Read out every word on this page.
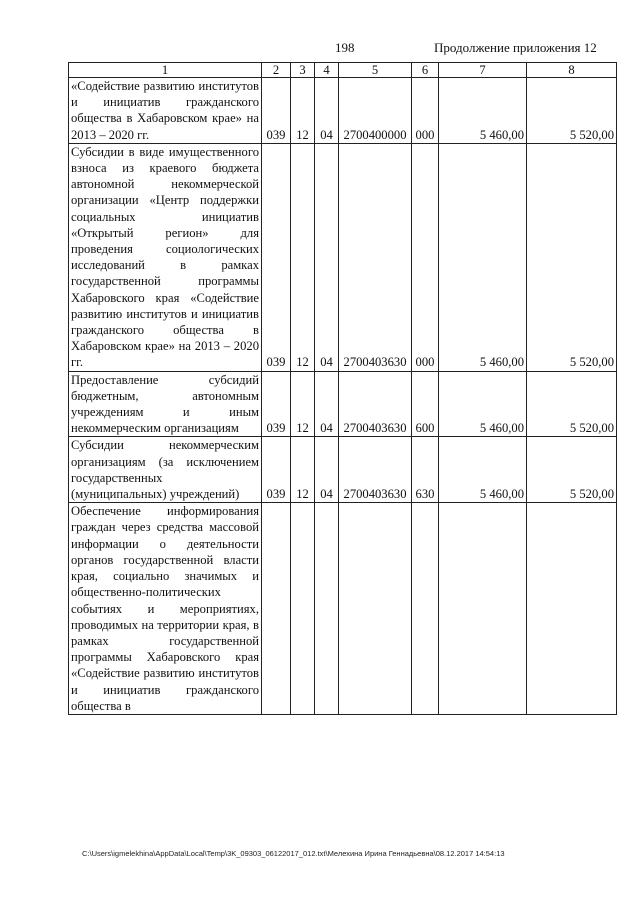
198	Продолжение приложения 12
1	2	3	4	5	6	7	8
«Содействие развитию институтов и инициатив гражданского общества в Хабаровском крае» на 2013 – 2020 гг.	039	12	04	2700400000	000	5 460,00	5 520,00
Субсидии в виде имущественного взноса из краевого бюджета автономной некоммерческой организации «Центр поддержки социальных инициатив «Открытый регион» для проведения социологических исследований в рамках государственной программы Хабаровского края «Содействие развитию институтов и инициатив гражданского общества в Хабаровском крае» на 2013 – 2020 гг.	039	12	04	2700403630	000	5 460,00	5 520,00
Предоставление субсидий бюджетным, автономным учреждениям и иным некоммерческим организациям	039	12	04	2700403630	600	5 460,00	5 520,00
Субсидии некоммерческим организациям (за исключением государственных (муниципальных) учреждений)	039	12	04	2700403630	630	5 460,00	5 520,00
Обеспечение информирования граждан через средства массовой информации о деятельности органов государственной власти края, социально значимых и общественно-политических событиях и мероприятиях, проводимых на территории края, в рамках государственной программы Хабаровского края «Содействие развитию институтов и инициатив гражданского общества в							
C:\Users\igmelekhina\AppData\Local\Temp\3K_09303_06122017_012.txt\Мелехина Ирина Геннадьевна\08.12.2017 14:54:13
